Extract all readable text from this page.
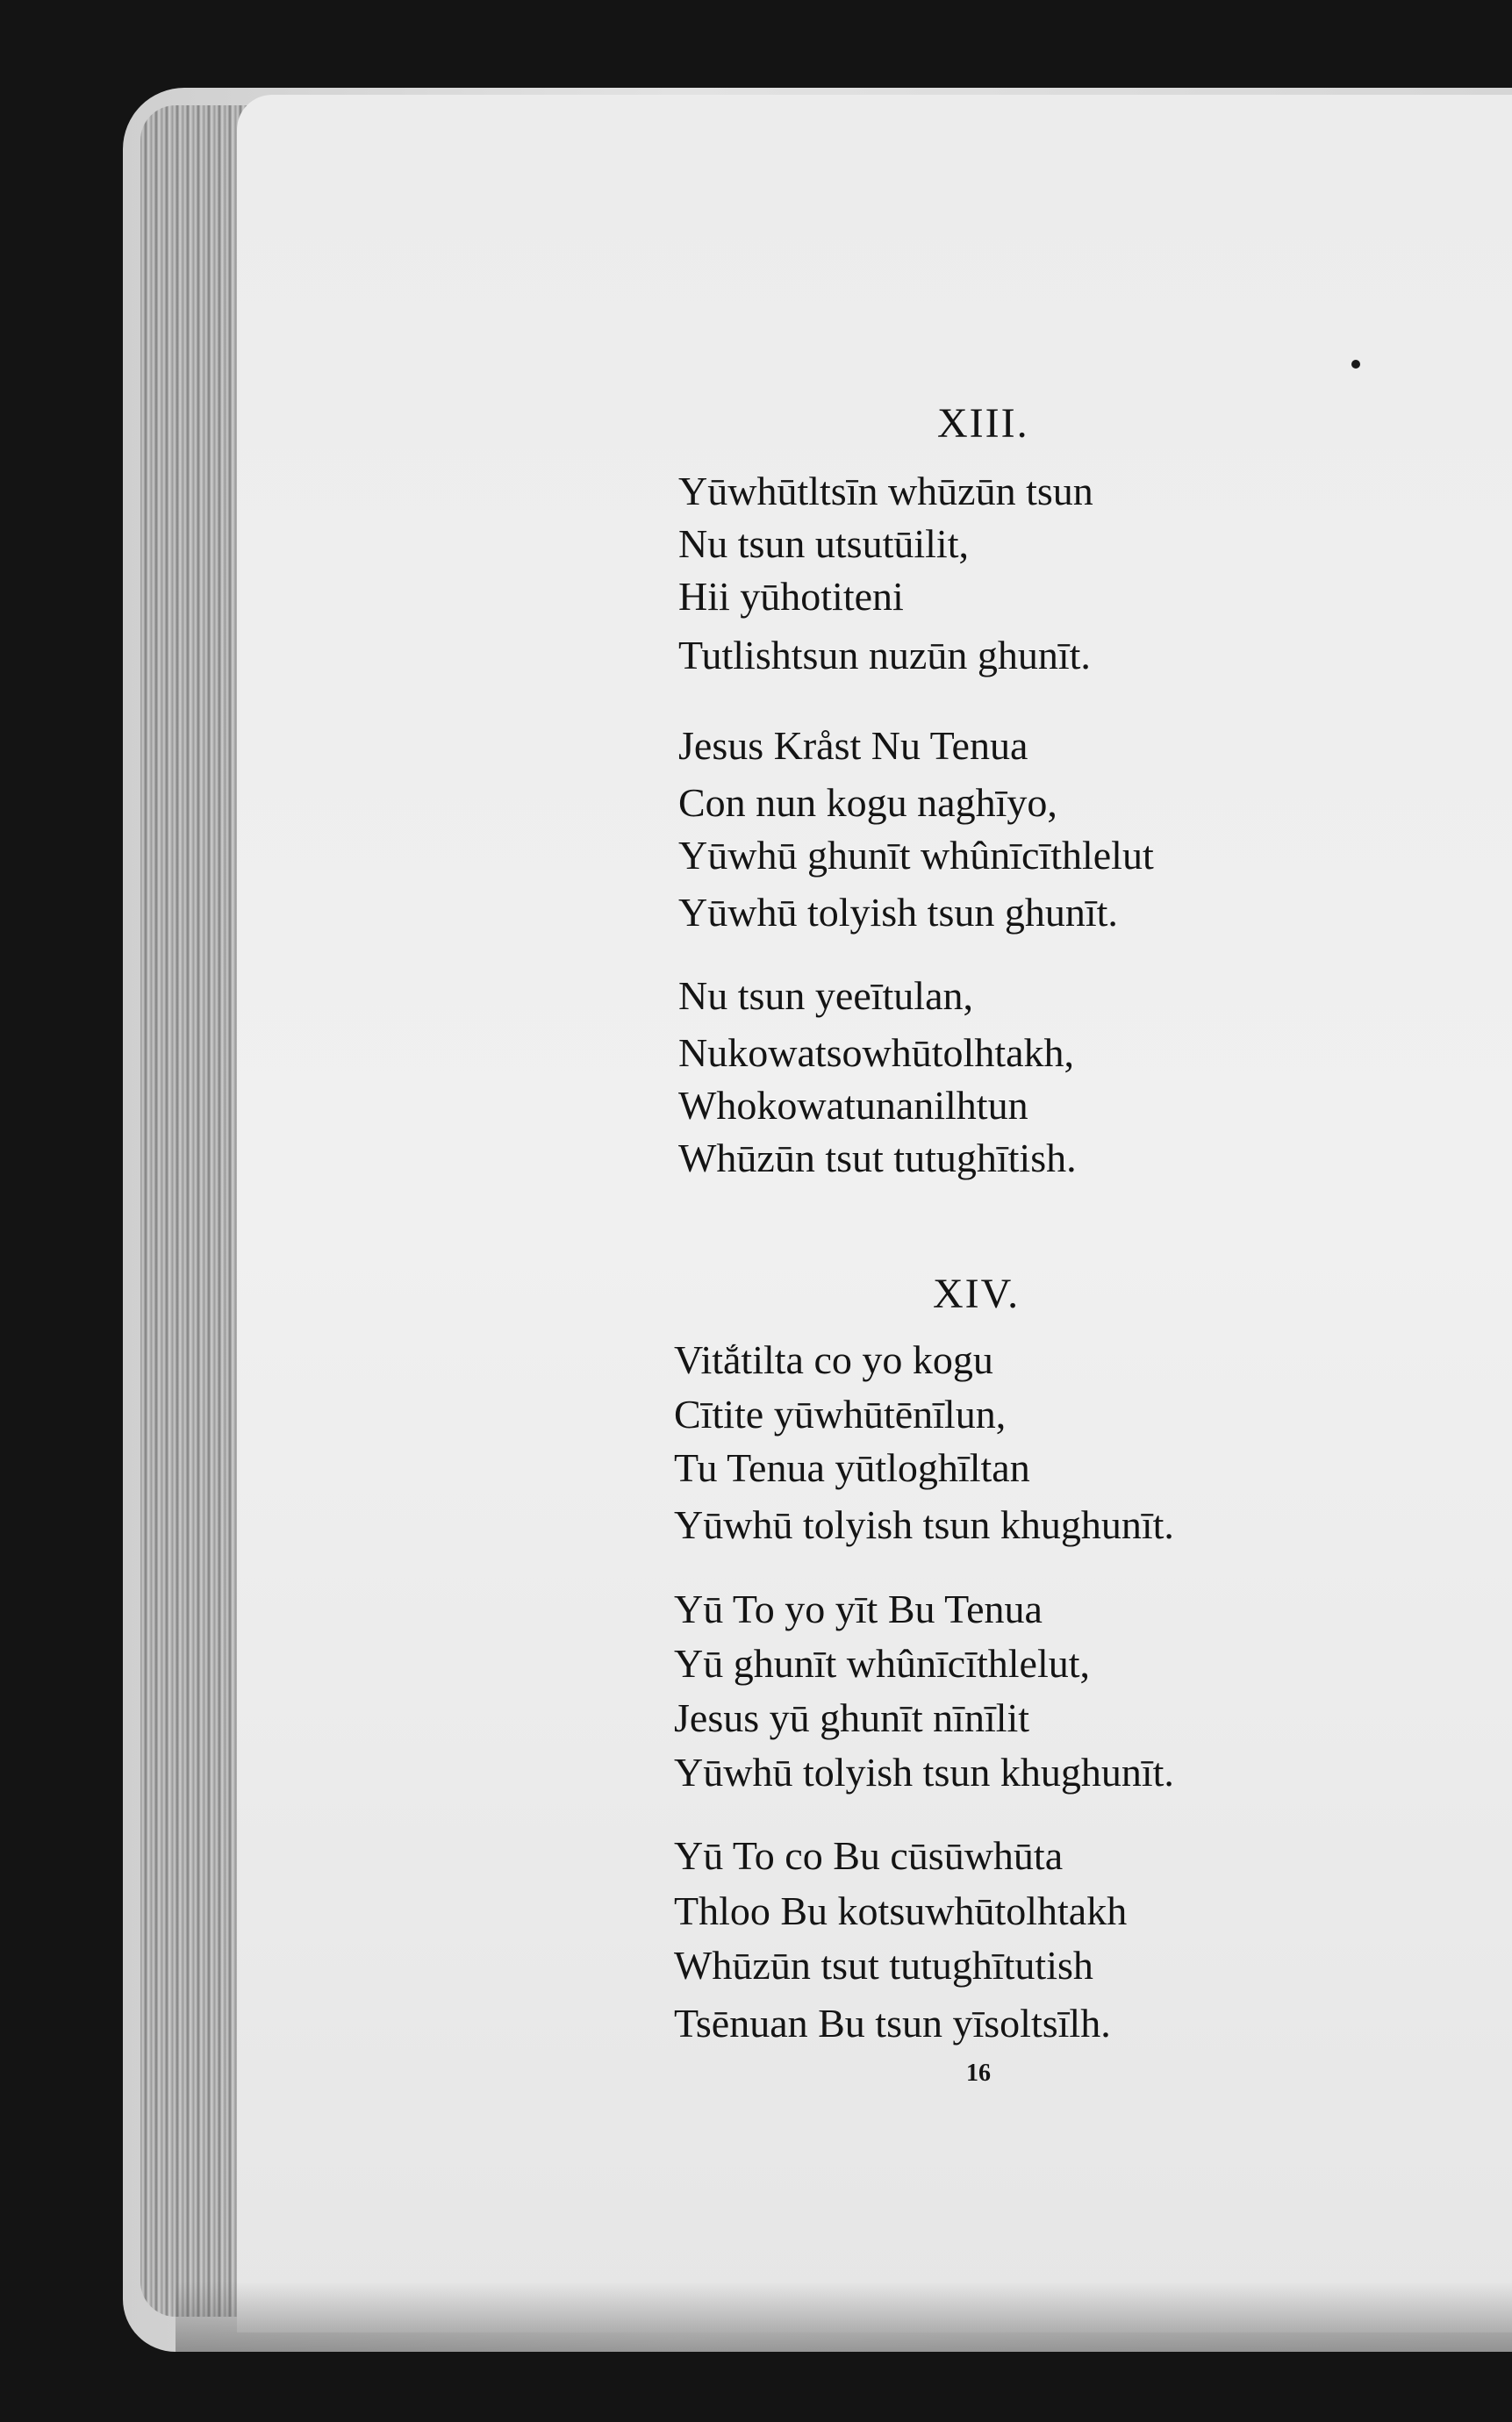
XIII.
Yūwhūtltsīn whūzūn tsun
Nu tsun utsutūilit,
Hii yūhotiteni
Tutlishtsun nuzūn ghunīt.
Jesus Kråst Nu Tenua
Con nun kogu naghīyo,
Yūwhū ghunīt whûnīcīthlelut
Yūwhū tolyish tsun ghunīt.
Nu tsun yeeītulan,
Nukowatsowhūtolhtakh,
Whokowatunanilhtun
Whūzūn tsut tutughītish.
XIV.
Vitắtilta co yo kogu
Cītite yūwhūtēnīlun,
Tu Tenua yūtloghīltan
Yūwhū tolyish tsun khughunīt.
Yū To yo yīt Bu Tenua
Yū ghunīt whûnīcīthlelut,
Jesus yū ghunīt nīnīlit
Yūwhū tolyish tsun khughunīt.
Yū To co Bu cūsūwhūta
Thloo Bu kotsuwhūtolhtakh
Whūzūn tsut tutughītutish
Tsēnuan Bu tsun yīsoltsīlh.
16
